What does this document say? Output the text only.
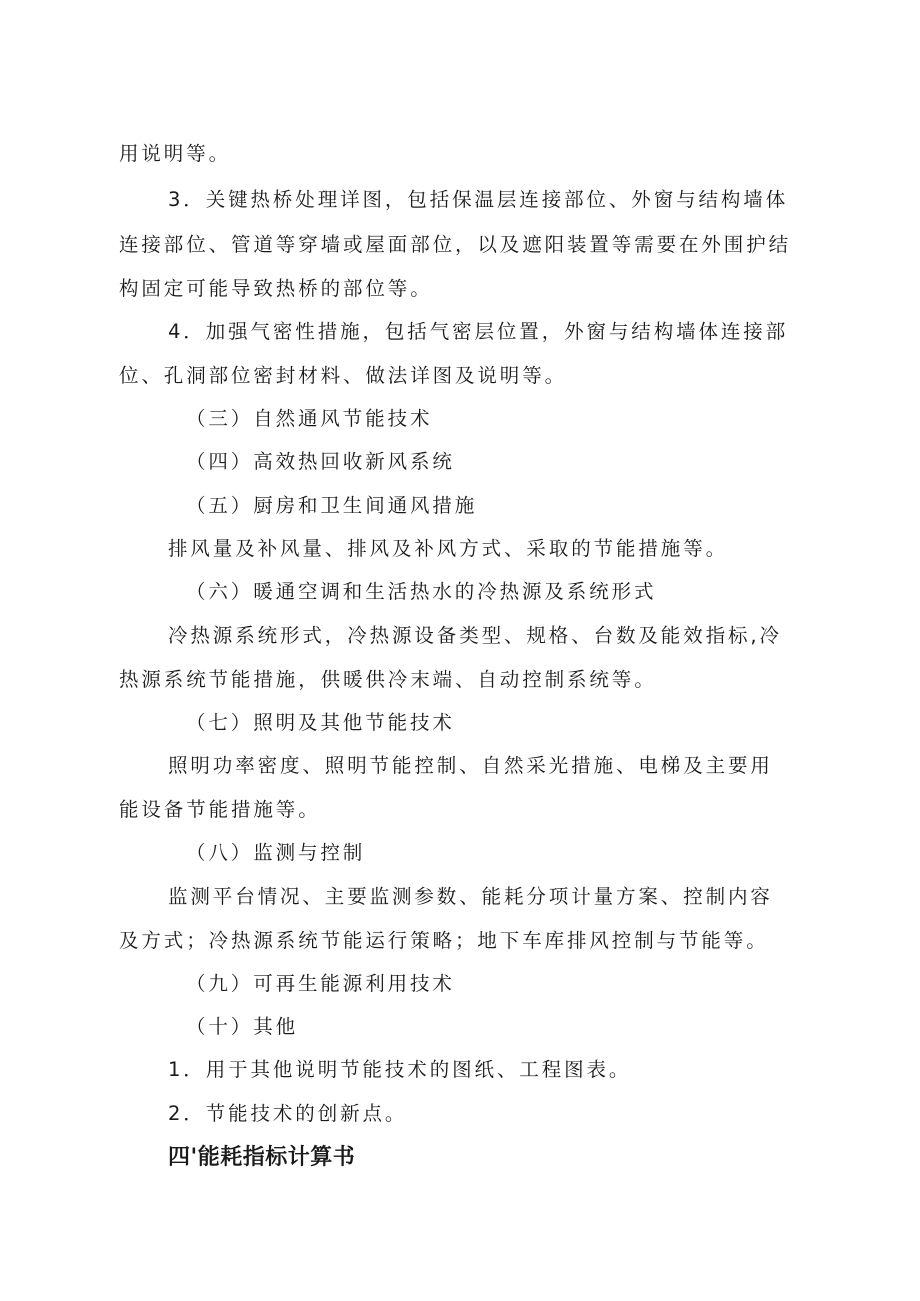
用说明等。
3．关键热桥处理详图，包括保温层连接部位、外窗与结构墙体
连接部位、管道等穿墙或屋面部位，以及遮阳装置等需要在外围护结
构固定可能导致热桥的部位等。
4．加强气密性措施，包括气密层位置，外窗与结构墙体连接部
位、孔洞部位密封材料、做法详图及说明等。
（三）自然通风节能技术
（四）高效热回收新风系统
（五）厨房和卫生间通风措施
排风量及补风量、排风及补风方式、采取的节能措施等。
（六）暖通空调和生活热水的冷热源及系统形式
冷热源系统形式，冷热源设备类型、规格、台数及能效指标,冷
热源系统节能措施，供暖供冷末端、自动控制系统等。
（七）照明及其他节能技术
照明功率密度、照明节能控制、自然采光措施、电梯及主要用
能设备节能措施等。
（八）监测与控制
监测平台情况、主要监测参数、能耗分项计量方案、控制内容
及方式；冷热源系统节能运行策略；地下车库排风控制与节能等。
（九）可再生能源利用技术
（十）其他
1．用于其他说明节能技术的图纸、工程图表。
2．节能技术的创新点。
四'能耗指标计算书
